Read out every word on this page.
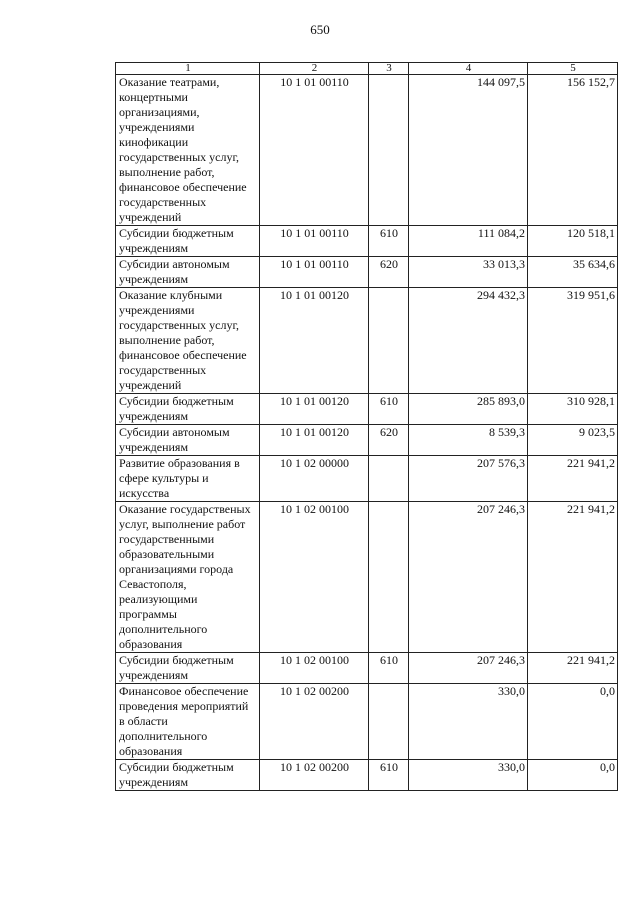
650
1	2	3	4	5
Оказание театрами, концертными организациями, учреждениями кинофикации государственных услуг, выполнение работ, финансовое обеспечение государственных учреждений	10 1 01 00110		144 097,5	156 152,7
Субсидии бюджетным учреждениям	10 1 01 00110	610	111 084,2	120 518,1
Субсидии автономым учреждениям	10 1 01 00110	620	33 013,3	35 634,6
Оказание клубными учреждениями государственных услуг, выполнение работ, финансовое обеспечение государственных учреждений	10 1 01 00120		294 432,3	319 951,6
Субсидии бюджетным учреждениям	10 1 01 00120	610	285 893,0	310 928,1
Субсидии автономым учреждениям	10 1 01 00120	620	8 539,3	9 023,5
Развитие образования в сфере культуры и искусства	10 1 02 00000		207 576,3	221 941,2
Оказание государственых услуг, выполнение работ государственными образовательными организациями города Севастополя, реализующими программы дополнительного образования	10 1 02 00100		207 246,3	221 941,2
Субсидии бюджетным учреждениям	10 1 02 00100	610	207 246,3	221 941,2
Финансовое обеспечение проведения мероприятий в области дополнительного образования	10 1 02 00200		330,0	0,0
Субсидии бюджетным учреждениям	10 1 02 00200	610	330,0	0,0
